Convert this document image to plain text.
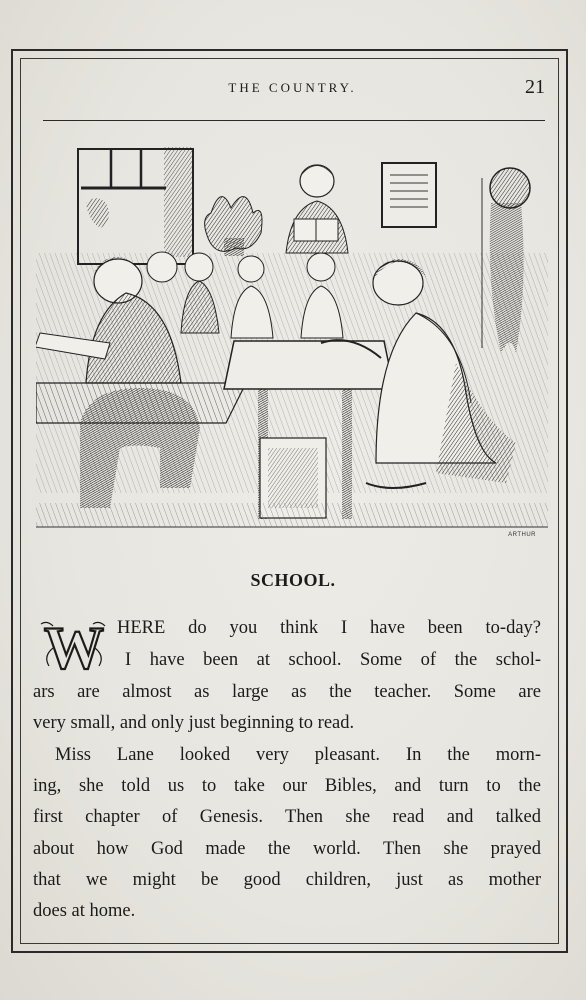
THE COUNTRY.	21
ARTHUR
SCHOOL.
W HERE do you think I have been to-day?
I have been at school. Some of the schol-
ars are almost as large as the teacher. Some are
very small, and only just beginning to read.
Miss Lane looked very pleasant. In the morn-
ing, she told us to take our Bibles, and turn to the
first chapter of Genesis. Then she read and talked
about how God made the world. Then she prayed
that we might be good children, just as mother
does at home.
